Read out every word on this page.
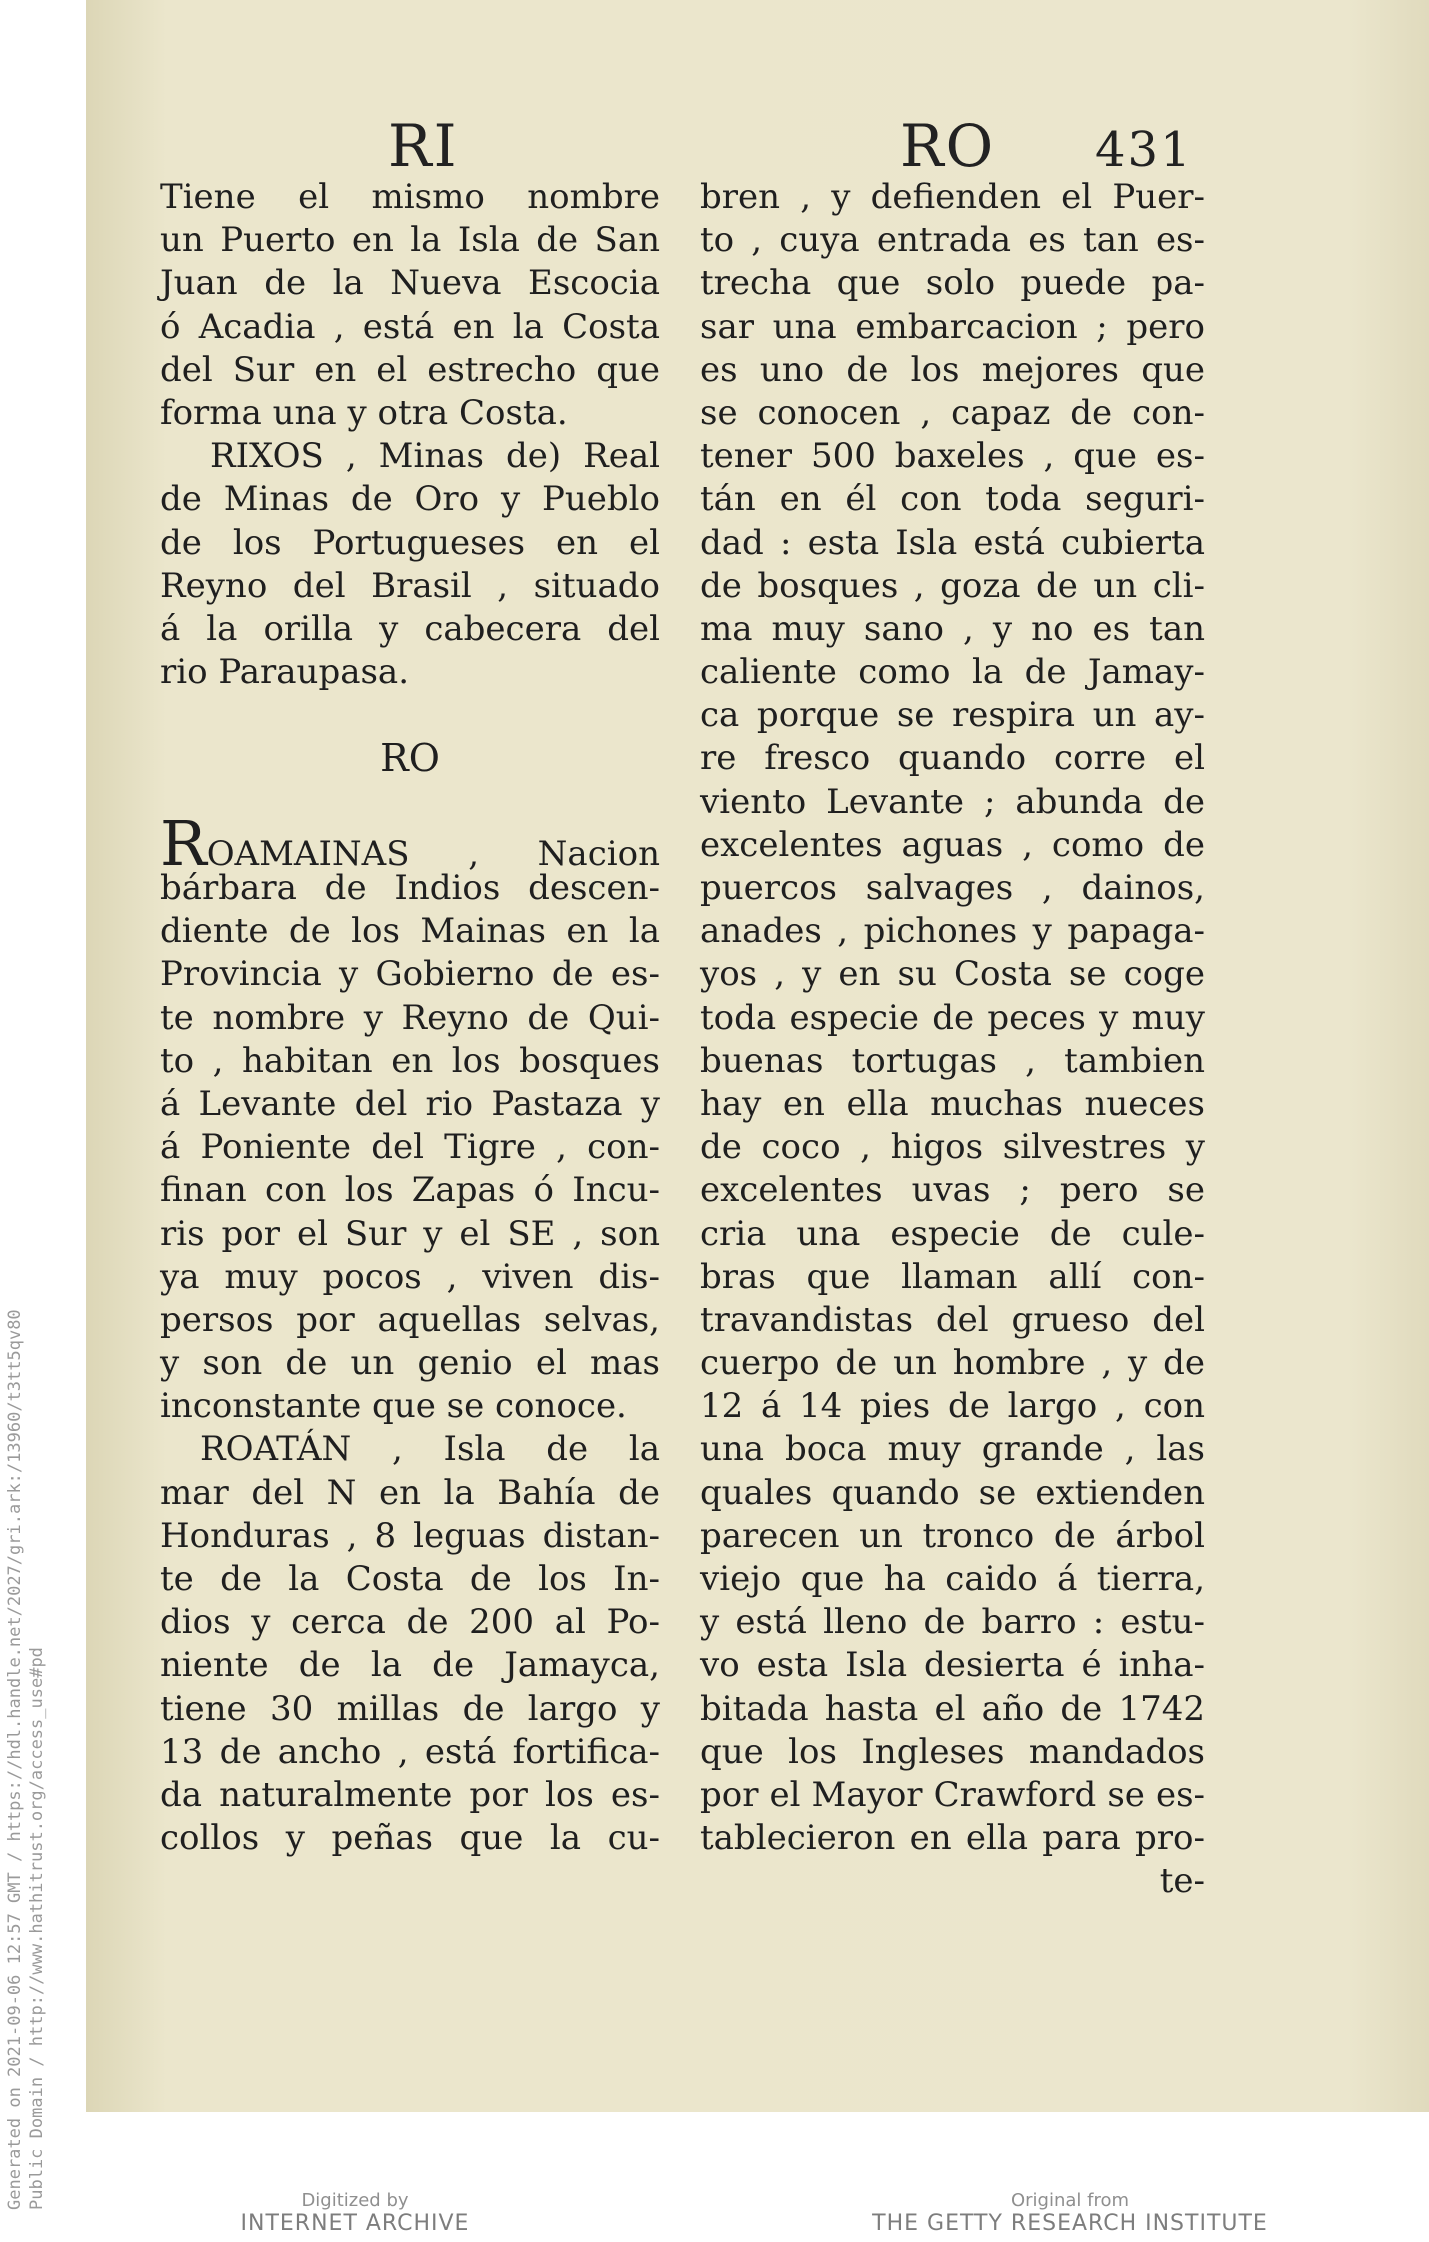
RI	RO 431
Tiene el mismo nombre
un Puerto en la Isla de San
Juan de la Nueva Escocia
ó Acadia , está en la Costa
del Sur en el estrecho que
forma una y otra Costa.
RIXOS , Minas de) Real
de Minas de Oro y Pueblo
de los Portugueses en el
Reyno del Brasil , situado
á la orilla y cabecera del
rio Paraupasa.
RO
ROAMAINAS , Nacion
bárbara de Indios descen-
diente de los Mainas en la
Provincia y Gobierno de es-
te nombre y Reyno de Qui-
to , habitan en los bosques
á Levante del rio Pastaza y
á Poniente del Tigre , con-
finan con los Zapas ó Incu-
ris por el Sur y el SE , son
ya muy pocos , viven dis-
persos por aquellas selvas,
y son de un genio el mas
inconstante que se conoce.
ROATÁN , Isla de la
mar del N en la Bahía de
Honduras , 8 leguas distan-
te de la Costa de los In-
dios y cerca de 200 al Po-
niente de la de Jamayca,
tiene 30 millas de largo y
13 de ancho , está fortifica-
da naturalmente por los es-
collos y peñas que la cu-
bren , y defienden el Puer-
to , cuya entrada es tan es-
trecha que solo puede pa-
sar una embarcacion ; pero
es uno de los mejores que
se conocen , capaz de con-
tener 500 baxeles , que es-
tán en él con toda seguri-
dad : esta Isla está cubierta
de bosques , goza de un cli-
ma muy sano , y no es tan
caliente como la de Jamay-
ca porque se respira un ay-
re fresco quando corre el
viento Levante ; abunda de
excelentes aguas , como de
puercos salvages , dainos,
anades , pichones y papaga-
yos , y en su Costa se coge
toda especie de peces y muy
buenas tortugas , tambien
hay en ella muchas nueces
de coco , higos silvestres y
excelentes uvas ; pero se
cria una especie de cule-
bras que llaman allí con-
travandistas del grueso del
cuerpo de un hombre , y de
12 á 14 pies de largo , con
una boca muy grande , las
quales quando se extienden
parecen un tronco de árbol
viejo que ha caido á tierra,
y está lleno de barro : estu-
vo esta Isla desierta é inha-
bitada hasta el año de 1742
que los Ingleses mandados
por el Mayor Crawford se es-
tablecieron en ella para pro-
te-
Generated on 2021-09-06 12:57 GMT / https://hdl.handle.net/2027/gri.ark:/13960/t3tt5qv80 Public Domain / http://www.hathitrust.org/access_use#pd	Digitized by
INTERNET ARCHIVE
Original from
THE GETTY RESEARCH INSTITUTE
